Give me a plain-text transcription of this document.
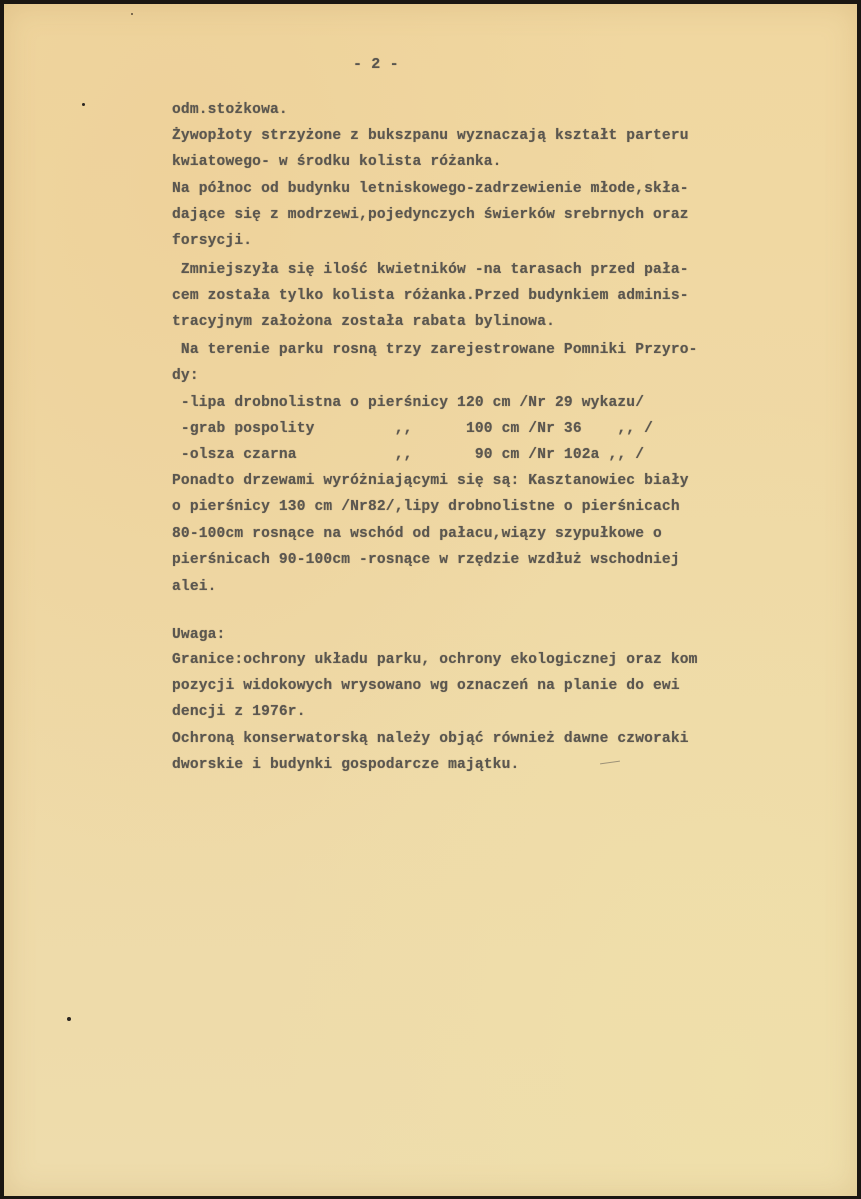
- 2 -
odm.stożkowa.
Żywopłoty strzyżone z bukszpanu wyznaczają kształt parteru
kwiatowego- w środku kolista różanka.
Na północ od budynku letniskowego-zadrzewienie młode,skła-
dające się z modrzewi,pojedynczych świerków srebrnych oraz
forsycji.
Zmniejszyła się ilość kwietników -na tarasach przed pała-
cem została tylko kolista różanka.Przed budynkiem adminis-
tracyjnym założona została rabata bylinowa.
Na terenie parku rosną trzy zarejestrowane Pomniki Przyro-
dy:
-lipa drobnolistna o pierśnicy 120 cm /Nr 29 wykazu/
-grab pospolity         ,,      100 cm /Nr 36    ,, /
-olsza czarna           ,,       90 cm /Nr 102a ,, /
Ponadto drzewami wyróżniającymi się są: Kasztanowiec biały
o pierśnicy 130 cm /Nr82/,lipy drobnolistne o pierśnicach
80-100cm rosnące na wschód od pałacu,wiązy szypułkowe o
pierśnicach 90-100cm -rosnące w rzędzie wzdłuż wschodniej
alei.
Uwaga:
Granice:ochrony układu parku, ochrony ekologicznej oraz kom
pozycji widokowych wrysowano wg oznaczeń na planie do ewi
dencji z 1976r.
Ochroną konserwatorską należy objąć również dawne czworaki
dworskie i budynki gospodarcze majątku.
